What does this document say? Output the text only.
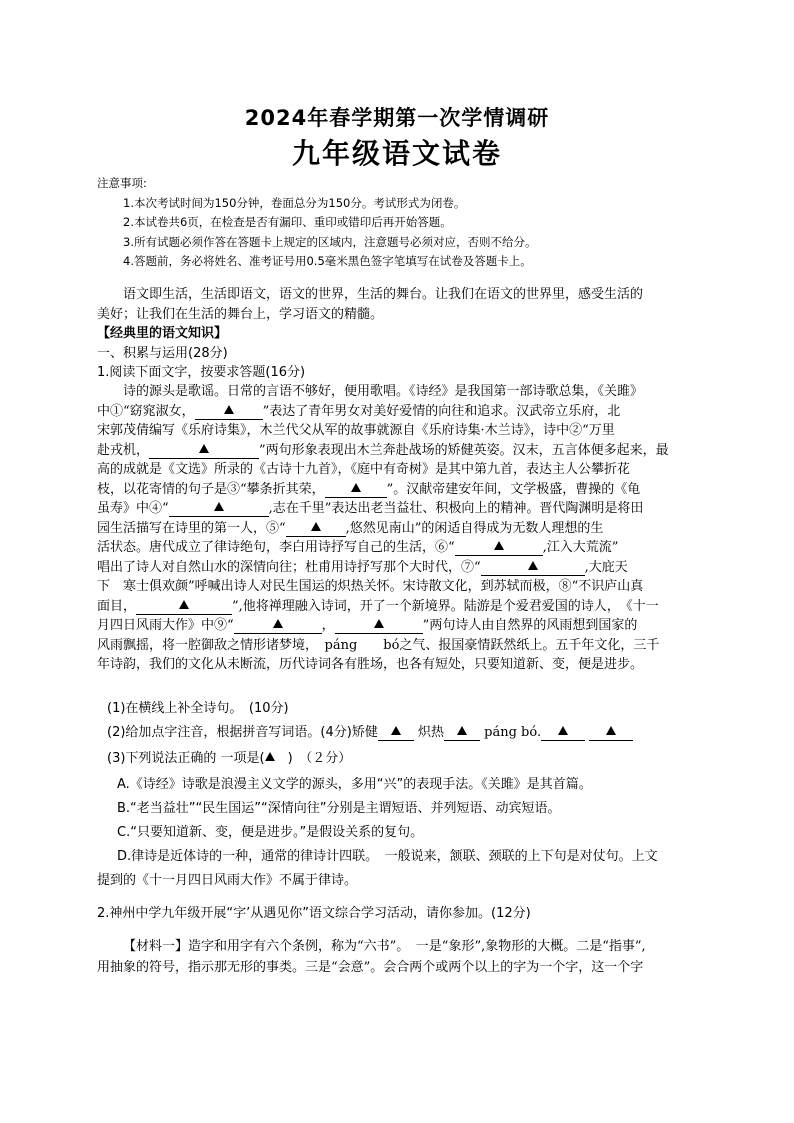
2024年春学期第一次学情调研
九年级语文试卷
注意事项:
1.本次考试时间为150分钟，卷面总分为150分。考试形式为闭卷。
2.本试卷共6页，在检查是否有漏印、重印或错印后再开始答题。
3.所有试题必须作答在答题卡上规定的区域内，注意题号必须对应，否则不给分。
4.答题前，务必将姓名、准考证号用0.5毫米黑色签字笔填写在试卷及答题卡上。
语文即生活，生活即语文，语文的世界，生活的舞台。让我们在语文的世界里，感受生活的
美好；让我们在生活的舞台上，学习语文的精髓。
【经典里的语文知识】
一、积累与运用(28分)
1.阅读下面文字，按要求答题(16分)
诗的源头是歌谣。日常的言语不够好，便用歌唱。《诗经》是我国第一部诗歌总集，《关雎》
中①“窈窕淑女，	”表达了青年男女对美好爱情的向往和追求。汉武帝立乐府，北
宋郭茂倩编写《乐府诗集》，木兰代父从军的故事就源自《乐府诗集·木兰诗》，诗中②“万里
赴戎机，	”两句形象表现出木兰奔赴战场的矫健英姿。汉末，五言体便多起来，最
高的成就是《文选》所录的《古诗十九首》，《庭中有奇树》是其中第九首，表达主人公攀折花
枝，以花寄情的句子是③“攀条折其荣，	”。汉献帝建安年间，文学极盛，曹操的《龟
虽寿》中④“	,志在千里”表达出老当益壮、积极向上的精神。晋代陶渊明是将田
园生活描写在诗里的第一人，⑤“	,悠然见南山”的闲适自得成为无数人理想的生
活状态。唐代成立了律诗绝句，李白用诗抒写自己的生活，⑥“	,江入大荒流”
唱出了诗人对自然山水的深情向往；杜甫用诗抒写那个大时代，⑦“	,大庇天
下　寒士俱欢颜”呼喊出诗人对民生国运的炽热关怀。宋诗散文化，到苏轼而极，⑧“不识庐山真
面目，	”,他将禅理融入诗词，开了一个新境界。陆游是个爱君爱国的诗人，　《十一
月四日风雨大作》中⑨“	，	”两句诗人由自然界的风雨想到国家的
风雨飘摇，将一腔御敌之情形诸梦境，　páng　　bó之气、报国豪情跃然纸上。五千年文化，三千
年诗韵，我们的文化从未断流，历代诗词各有胜场，也各有短处，只要知道新、变，便是进步。
(1)在横线上补全诗句。　(10分)
(2)给加点字注音，根据拼音写词语。(4分)矫健	炽热	páng bó.
(3)下列说法正确的 一项是(　)　（２分）
A.《诗经》诗歌是浪漫主义文学的源头，多用“兴”的表现手法。《关雎》是其首篇。
B.“老当益壮”“民生国运”“深情向往”分别是主谓短语、并列短语、动宾短语。
C.“只要知道新、变，便是进步。”是假设关系的复句。
D.律诗是近体诗的一种，通常的律诗计四联。　一般说来，颔联、颈联的上下句是对仗句。上文
提到的《十一月四日风雨大作》不属于律诗。
2.神州中学九年级开展“字’从遇见你”语文综合学习活动，请你参加。(12分)
【材料一】造字和用字有六个条例，称为“六书”。　一是“象形”,象物形的大概。二是“指事”,
用抽象的符号，指示那无形的事类。三是“会意”。会合两个或两个以上的字为一个字，这一个字
